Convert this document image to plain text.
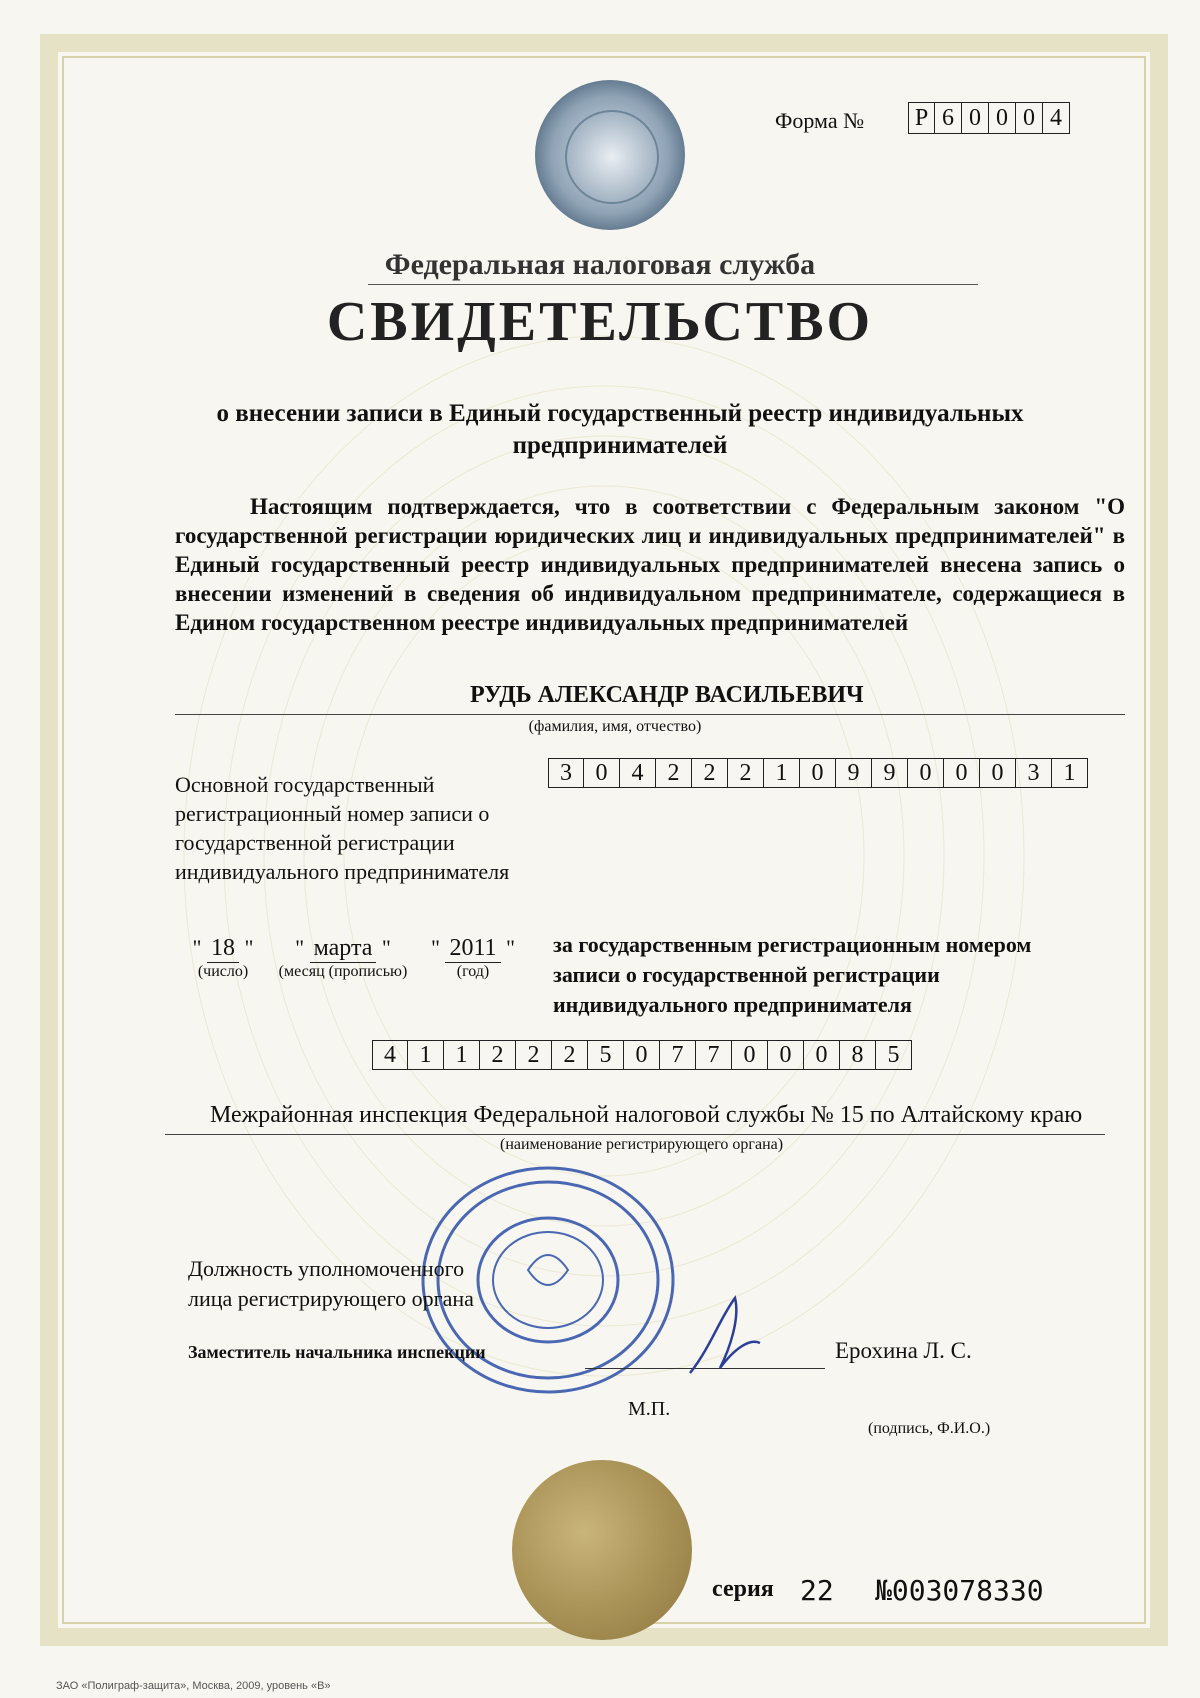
Форма № Р 6 0 0 0 4
Федеральная налоговая служба
СВИДЕТЕЛЬСТВО
о внесении записи в Единый государственный реестр индивидуальных предпринимателей
Настоящим подтверждается, что в соответствии с Федеральным законом "О государственной регистрации юридических лиц и индивидуальных предпринимателей" в Единый государственный реестр индивидуальных предпринимателей внесена запись о внесении изменений в сведения об индивидуальном предпринимателе, содержащиеся в Едином государственном реестре индивидуальных предпринимателей
РУДЬ АЛЕКСАНДР ВАСИЛЬЕВИЧ
(фамилия, имя, отчество)
Основной государственный регистрационный номер записи о государственной регистрации индивидуального предпринимателя
3 0	4	2	2	2	1	0	9	9	0	0	0	3	1
" 18 "
(число)
" марта "
(месяц (прописью)
" 2011 "
(год)
за государственным регистрационным номером записи о государственной регистрации индивидуального предпринимателя
4 1	1	2	2	2	5	0	7	7	0	0	0	8	5
Межрайонная инспекция Федеральной налоговой службы № 15 по Алтайскому краю
(наименование регистрирующего органа)
Должность уполномоченного лица регистрирующего органа
Заместитель начальника инспекции	Ерохина Л. С.
М.П.
(подпись, Ф.И.О.)
серия 22 №003078330
ЗАО «Полиграф-защита», Москва, 2009, уровень «В»
